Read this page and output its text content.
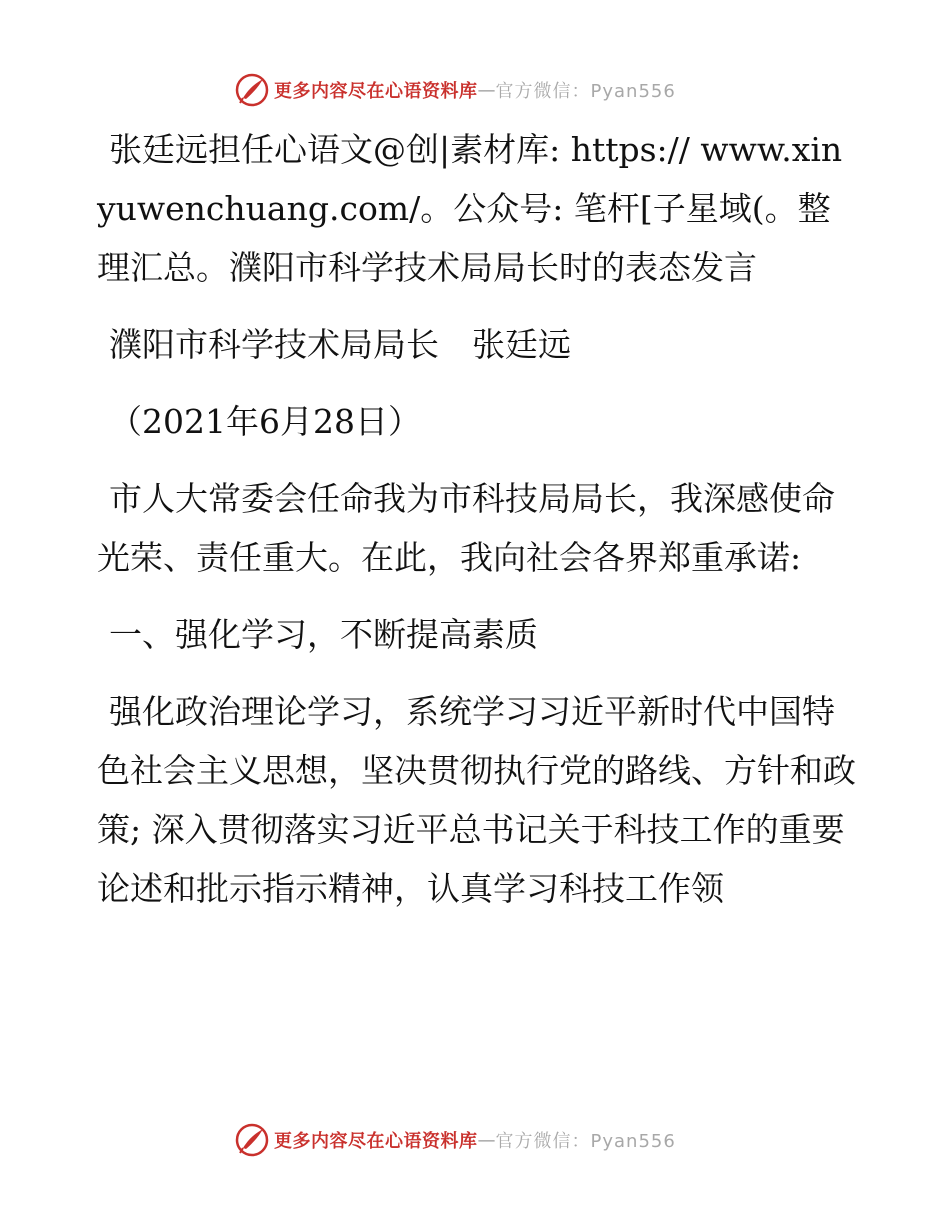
更多内容尽在心语资料库 — 官方微信：Pyan556

张廷远担任心语文@创|素材库: https:// www.xinyuwenchuang.com/。公众号: 笔杆[子星域(。整理汇总。濮阳市科学技术局局长时的表态发言

濮阳市科学技术局局长　张廷远

（2021年6月28日）

市人大常委会任命我为市科技局局长，我深感使命光荣、责任重大。在此，我向社会各界郑重承诺:

一、强化学习，不断提高素质

强化政治理论学习，系统学习习近平新时代中国特色社会主义思想，坚决贯彻执行党的路线、方针和政策; 深入贯彻落实习近平总书记关于科技工作的重要论述和批示指示精神，认真学习科技工作领

更多内容尽在心语资料库 — 官方微信：Pyan556
